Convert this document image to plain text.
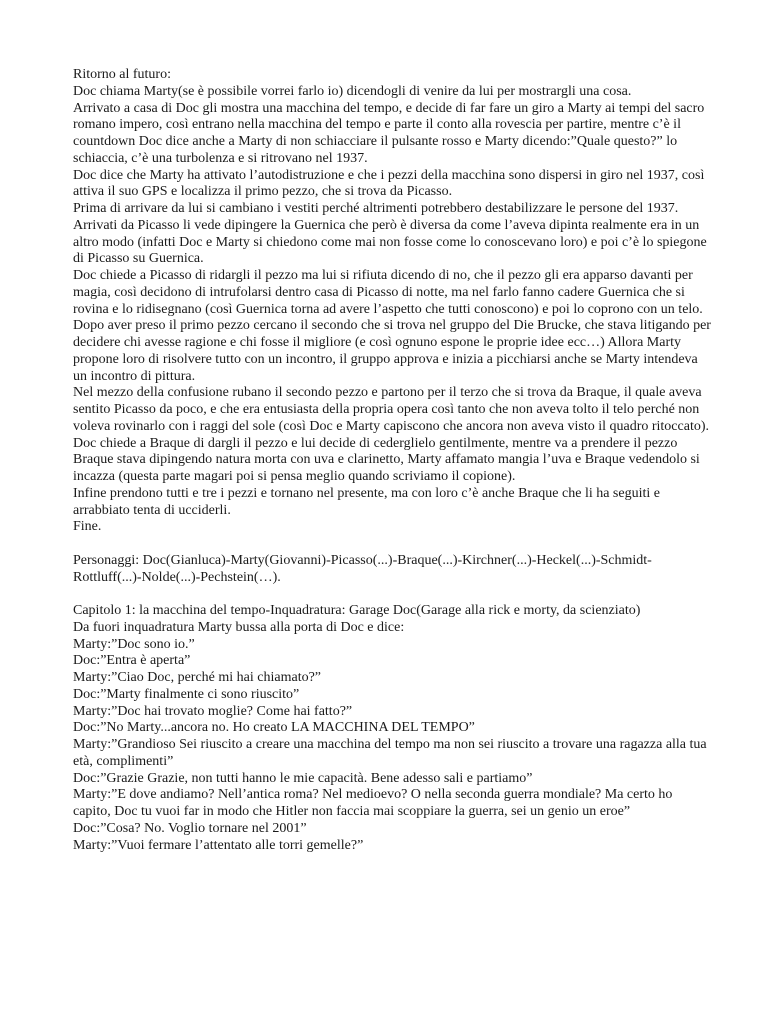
Ritorno al futuro:

Doc chiama Marty(se è possibile vorrei farlo io) dicendogli di venire da lui per mostrargli una cosa.

Arrivato a casa di Doc gli mostra una macchina del tempo, e decide di far fare un giro a Marty ai tempi del sacro romano impero, così entrano nella macchina del tempo e parte il conto alla rovescia per partire, mentre c’è il countdown Doc dice anche a Marty di non schiacciare il pulsante rosso e Marty dicendo:”Quale questo?” lo schiaccia, c’è una turbolenza e si ritrovano nel 1937.

Doc dice che Marty ha attivato l’autodistruzione e che i pezzi della macchina sono dispersi in giro nel 1937, così attiva il suo GPS e localizza il primo pezzo, che si trova da Picasso.

Prima di arrivare da lui si cambiano i vestiti perché altrimenti potrebbero destabilizzare le persone del 1937.

Arrivati da Picasso li vede dipingere la Guernica che però è diversa da come l’aveva dipinta realmente era in un altro modo (infatti Doc e Marty si chiedono come mai non fosse come lo conoscevano loro) e poi c’è lo spiegone di Picasso su Guernica.

Doc chiede a Picasso di ridargli il pezzo ma lui si rifiuta dicendo di no, che il pezzo gli era apparso davanti per magia, così decidono di intrufolarsi dentro casa di Picasso di notte, ma nel farlo fanno cadere Guernica che si rovina e lo ridisegnano (così Guernica torna ad avere l’aspetto che tutti conoscono) e poi lo coprono con un telo.

Dopo aver preso il primo pezzo cercano il secondo che si trova nel gruppo del Die Brucke, che stava litigando per decidere chi avesse ragione e chi fosse il migliore (e così ognuno espone le proprie idee ecc…) Allora Marty propone loro di risolvere tutto con un incontro, il gruppo approva e inizia a picchiarsi anche se Marty intendeva un incontro di pittura.

Nel mezzo della confusione rubano il secondo pezzo e partono per il terzo che si trova da Braque, il quale aveva sentito Picasso da poco, e che era entusiasta della propria opera così tanto che non aveva tolto il telo perché non voleva rovinarlo con i raggi del sole (così Doc e Marty capiscono che ancora non aveva visto il quadro ritoccato).

Doc chiede a Braque di dargli il pezzo e lui decide di cederglielo gentilmente, mentre va a prendere il pezzo Braque stava dipingendo natura morta con uva e clarinetto, Marty affamato mangia l’uva e Braque vedendolo si incazza (questa parte magari poi si pensa meglio quando scriviamo il copione).

Infine prendono tutti e tre i pezzi e tornano nel presente, ma con loro c’è anche Braque che li ha seguiti e arrabbiato tenta di ucciderli.

Fine.

Personaggi: Doc(Gianluca)-Marty(Giovanni)-Picasso(...)-Braque(...)-Kirchner(...)-Heckel(...)-Schmidt-Rottluff(...)-Nolde(...)-Pechstein(…).

Capitolo 1: la macchina del tempo-Inquadratura: Garage Doc(Garage alla rick e morty, da scienziato)

Da fuori inquadratura Marty bussa alla porta di Doc e dice:

Marty:”Doc sono io.”

Doc:”Entra è aperta”

Marty:”Ciao Doc, perché mi hai chiamato?”

Doc:”Marty finalmente ci sono riuscito”

Marty:”Doc hai trovato moglie? Come hai fatto?”

Doc:”No Marty...ancora no. Ho creato LA MACCHINA DEL TEMPO”

Marty:”Grandioso Sei riuscito a creare una macchina del tempo ma non sei riuscito a trovare una ragazza alla tua età, complimenti”

Doc:”Grazie Grazie, non tutti hanno le mie capacità. Bene adesso sali e partiamo”

Marty:”E dove andiamo? Nell’antica roma? Nel medioevo? O nella seconda guerra mondiale? Ma certo ho capito, Doc tu vuoi far in modo che Hitler non faccia mai scoppiare la guerra, sei un genio un eroe”

Doc:”Cosa? No. Voglio tornare nel 2001”

Marty:”Vuoi fermare l’attentato alle torri gemelle?”
